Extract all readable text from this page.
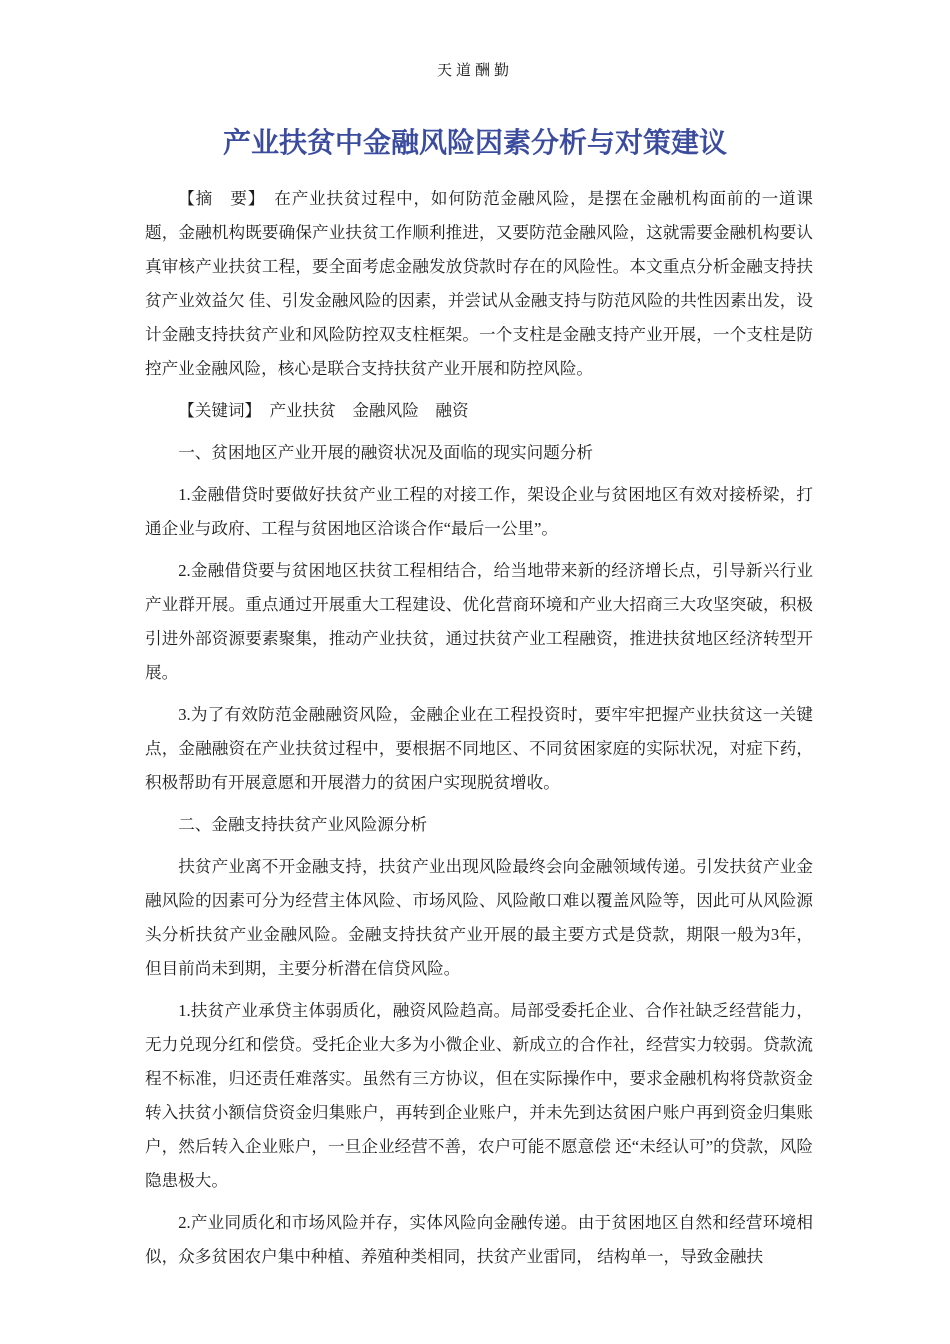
天道酬勤
产业扶贫中金融风险因素分析与对策建议

【摘　要】　在产业扶贫过程中，如何防范金融风险，是摆在金融机构面前的一道课题，金融机构既要确保产业扶贫工作顺利推进，又要防范金融风险，这就需要金融机构要认真审核产业扶贫工程，要全面考虑金融发放贷款时存在的风险性。本文重点分析金融支持扶贫产业效益欠 佳、引发金融风险的因素，并尝试从金融支持与防范风险的共性因素出发，设计金融支持扶贫产业和风险防控双支柱框架。一个支柱是金融支持产业开展，一个支柱是防控产业金融风险，核心是联合支持扶贫产业开展和防控风险。

【关键词】　产业扶贫　金融风险　融资

一、贫困地区产业开展的融资状况及面临的现实问题分析

1.金融借贷时要做好扶贫产业工程的对接工作，架设企业与贫困地区有效对接桥梁，打通企业与政府、工程与贫困地区洽谈合作“最后一公里”。

2.金融借贷要与贫困地区扶贫工程相结合，给当地带来新的经济增长点，引导新兴行业产业群开展。重点通过开展重大工程建设、优化营商环境和产业大招商三大攻坚突破，积极引进外部资源要素聚集，推动产业扶贫，通过扶贫产业工程融资，推进扶贫地区经济转型开展。

3.为了有效防范金融融资风险，金融企业在工程投资时，要牢牢把握产业扶贫这一关键点，金融融资在产业扶贫过程中，要根据不同地区、不同贫困家庭的实际状况，对症下药，积极帮助有开展意愿和开展潜力的贫困户实现脱贫增收。

二、金融支持扶贫产业风险源分析

扶贫产业离不开金融支持，扶贫产业出现风险最终会向金融领域传递。引发扶贫产业金融风险的因素可分为经营主体风险、市场风险、风险敞口难以覆盖风险等，因此可从风险源头分析扶贫产业金融风险。金融支持扶贫产业开展的最主要方式是贷款，期限一般为3年，但目前尚未到期，主要分析潜在信贷风险。

1.扶贫产业承贷主体弱质化，融资风险趋高。局部受委托企业、合作社缺乏经营能力，无力兑现分红和偿贷。受托企业大多为小微企业、新成立的合作社，经营实力较弱。贷款流程不标准，归还责任难落实。虽然有三方协议，但在实际操作中，要求金融机构将贷款资金转入扶贫小额信贷资金归集账户，再转到企业账户，并未先到达贫困户账户再到资金归集账户，然后转入企业账户，一旦企业经营不善，农户可能不愿意偿 还“未经认可”的贷款，风险隐患极大。

2.产业同质化和市场风险并存，实体风险向金融传递。由于贫困地区自然和经营环境相似，众多贫困农户集中种植、养殖种类相同，扶贫产业雷同， 结构单一，导致金融扶
